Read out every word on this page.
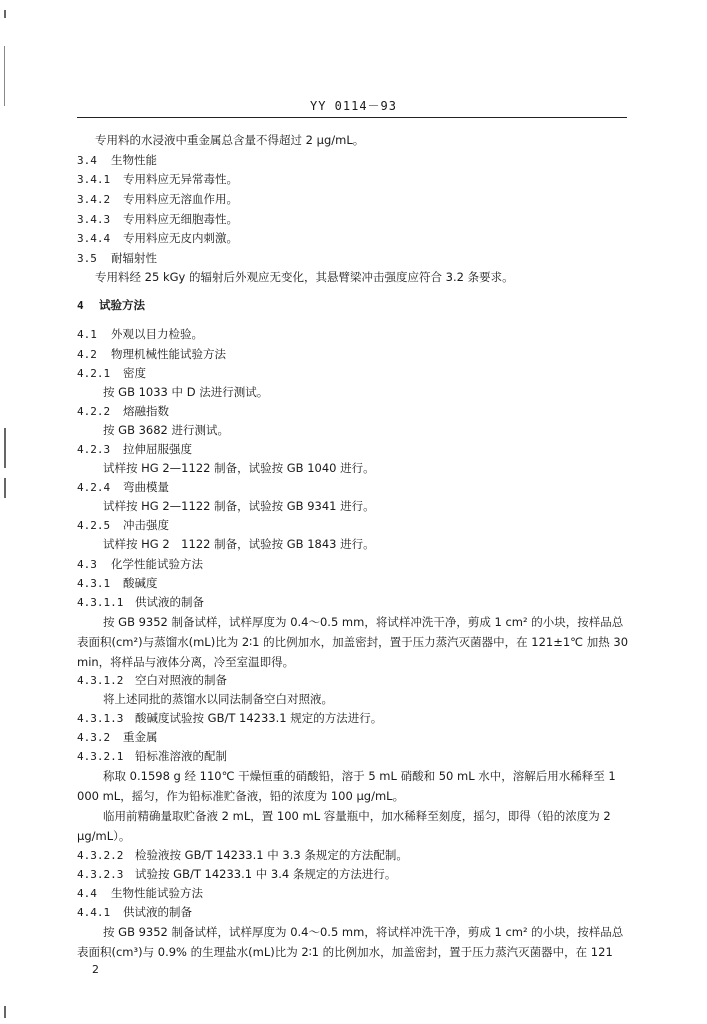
YY 0114－93
专用料的水浸液中重金属总含量不得超过 2 μg/mL。
3.4 生物性能
3.4.1 专用料应无异常毒性。
3.4.2 专用料应无溶血作用。
3.4.3 专用料应无细胞毒性。
3.4.4 专用料应无皮内刺激。
3.5 耐辐射性
专用料经 25 kGy 的辐射后外观应无变化，其悬臂梁冲击强度应符合 3.2 条要求。
4 试验方法
4.1 外观以目力检验。
4.2 物理机械性能试验方法
4.2.1 密度
按 GB 1033 中 D 法进行测试。
4.2.2 熔融指数
按 GB 3682 进行测试。
4.2.3 拉伸屈服强度
试样按 HG 2—1122 制备，试验按 GB 1040 进行。
4.2.4 弯曲模量
试样按 HG 2—1122 制备，试验按 GB 9341 进行。
4.2.5 冲击强度
试样按 HG 2　1122 制备，试验按 GB 1843 进行。
4.3 化学性能试验方法
4.3.1 酸碱度
4.3.1.1 供试液的制备
按 GB 9352 制备试样，试样厚度为 0.4～0.5 mm，将试样冲洗干净，剪成 1 cm² 的小块，按样品总表面积(cm²)与蒸馏水(mL)比为 2∶1 的比例加水，加盖密封，置于压力蒸汽灭菌器中，在 121±1℃ 加热 30 min，将样品与液体分离，冷至室温即得。
4.3.1.2 空白对照液的制备
将上述同批的蒸馏水以同法制备空白对照液。
4.3.1.3 酸碱度试验按 GB/T 14233.1 规定的方法进行。
4.3.2 重金属
4.3.2.1 铅标准溶液的配制
称取 0.1598 g 经 110℃ 干燥恒重的硝酸铅，溶于 5 mL 硝酸和 50 mL 水中，溶解后用水稀释至 1 000 mL，摇匀，作为铅标准贮备液，铅的浓度为 100 μg/mL。
临用前精确量取贮备液 2 mL，置 100 mL 容量瓶中，加水稀释至刻度，摇匀，即得（铅的浓度为 2 μg/mL）。
4.3.2.2 检验液按 GB/T 14233.1 中 3.3 条规定的方法配制。
4.3.2.3 试验按 GB/T 14233.1 中 3.4 条规定的方法进行。
4.4 生物性能试验方法
4.4.1 供试液的制备
按 GB 9352 制备试样，试样厚度为 0.4～0.5 mm，将试样冲洗干净，剪成 1 cm² 的小块，按样品总表面积(cm³)与 0.9% 的生理盐水(mL)比为 2∶1 的比例加水，加盖密封，置于压力蒸汽灭菌器中，在 121
2
